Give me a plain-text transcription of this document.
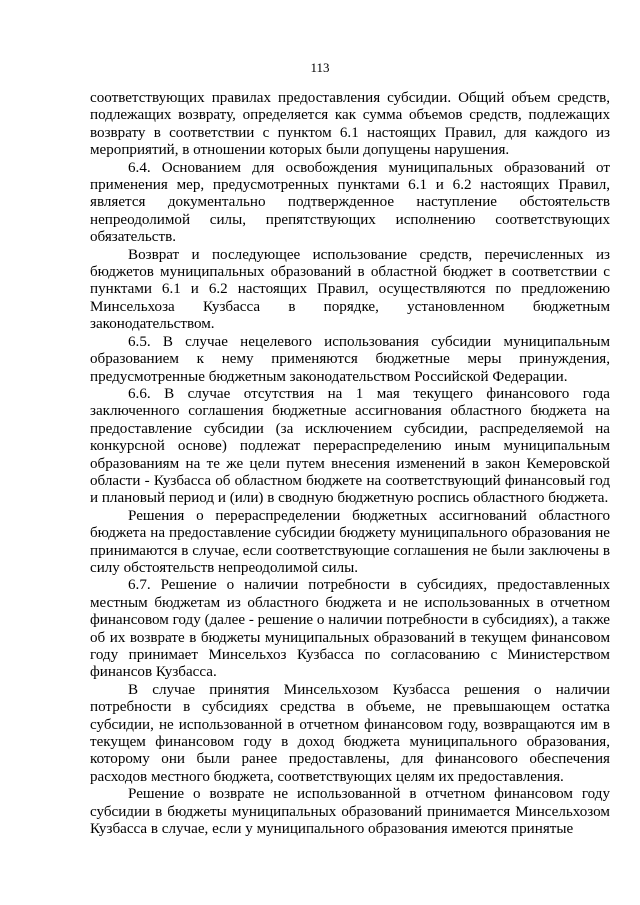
113

соответствующих правилах предоставления субсидии. Общий объем средств, подлежащих возврату, определяется как сумма объемов средств, подлежащих возврату в соответствии с пунктом 6.1 настоящих Правил, для каждого из мероприятий, в отношении которых были допущены нарушения.

6.4. Основанием для освобождения муниципальных образований от применения мер, предусмотренных пунктами 6.1 и 6.2 настоящих Правил, является документально подтвержденное наступление обстоятельств непреодолимой силы, препятствующих исполнению соответствующих обязательств.

Возврат и последующее использование средств, перечисленных из бюджетов муниципальных образований в областной бюджет в соответствии с пунктами 6.1 и 6.2 настоящих Правил, осуществляются по предложению Минсельхоза Кузбасса в порядке, установленном бюджетным законодательством.

6.5. В случае нецелевого использования субсидии муниципальным образованием к нему применяются бюджетные меры принуждения, предусмотренные бюджетным законодательством Российской Федерации.

6.6. В случае отсутствия на 1 мая текущего финансового года заключенного соглашения бюджетные ассигнования областного бюджета на предоставление субсидии (за исключением субсидии, распределяемой на конкурсной основе) подлежат перераспределению иным муниципальным образованиям на те же цели путем внесения изменений в закон Кемеровской области - Кузбасса об областном бюджете на соответствующий финансовый год и плановый период и (или) в сводную бюджетную роспись областного бюджета.

Решения о перераспределении бюджетных ассигнований областного бюджета на предоставление субсидии бюджету муниципального образования не принимаются в случае, если соответствующие соглашения не были заключены в силу обстоятельств непреодолимой силы.

6.7. Решение о наличии потребности в субсидиях, предоставленных местным бюджетам из областного бюджета и не использованных в отчетном финансовом году (далее - решение о наличии потребности в субсидиях), а также об их возврате в бюджеты муниципальных образований в текущем финансовом году принимает Минсельхоз Кузбасса по согласованию с Министерством финансов Кузбасса.

В случае принятия Минсельхозом Кузбасса решения о наличии потребности в субсидиях средства в объеме, не превышающем остатка субсидии, не использованной в отчетном финансовом году, возвращаются им в текущем финансовом году в доход бюджета муниципального образования, которому они были ранее предоставлены, для финансового обеспечения расходов местного бюджета, соответствующих целям их предоставления.

Решение о возврате не использованной в отчетном финансовом году субсидии в бюджеты муниципальных образований принимается Минсельхозом Кузбасса в случае, если у муниципального образования имеются принятые
